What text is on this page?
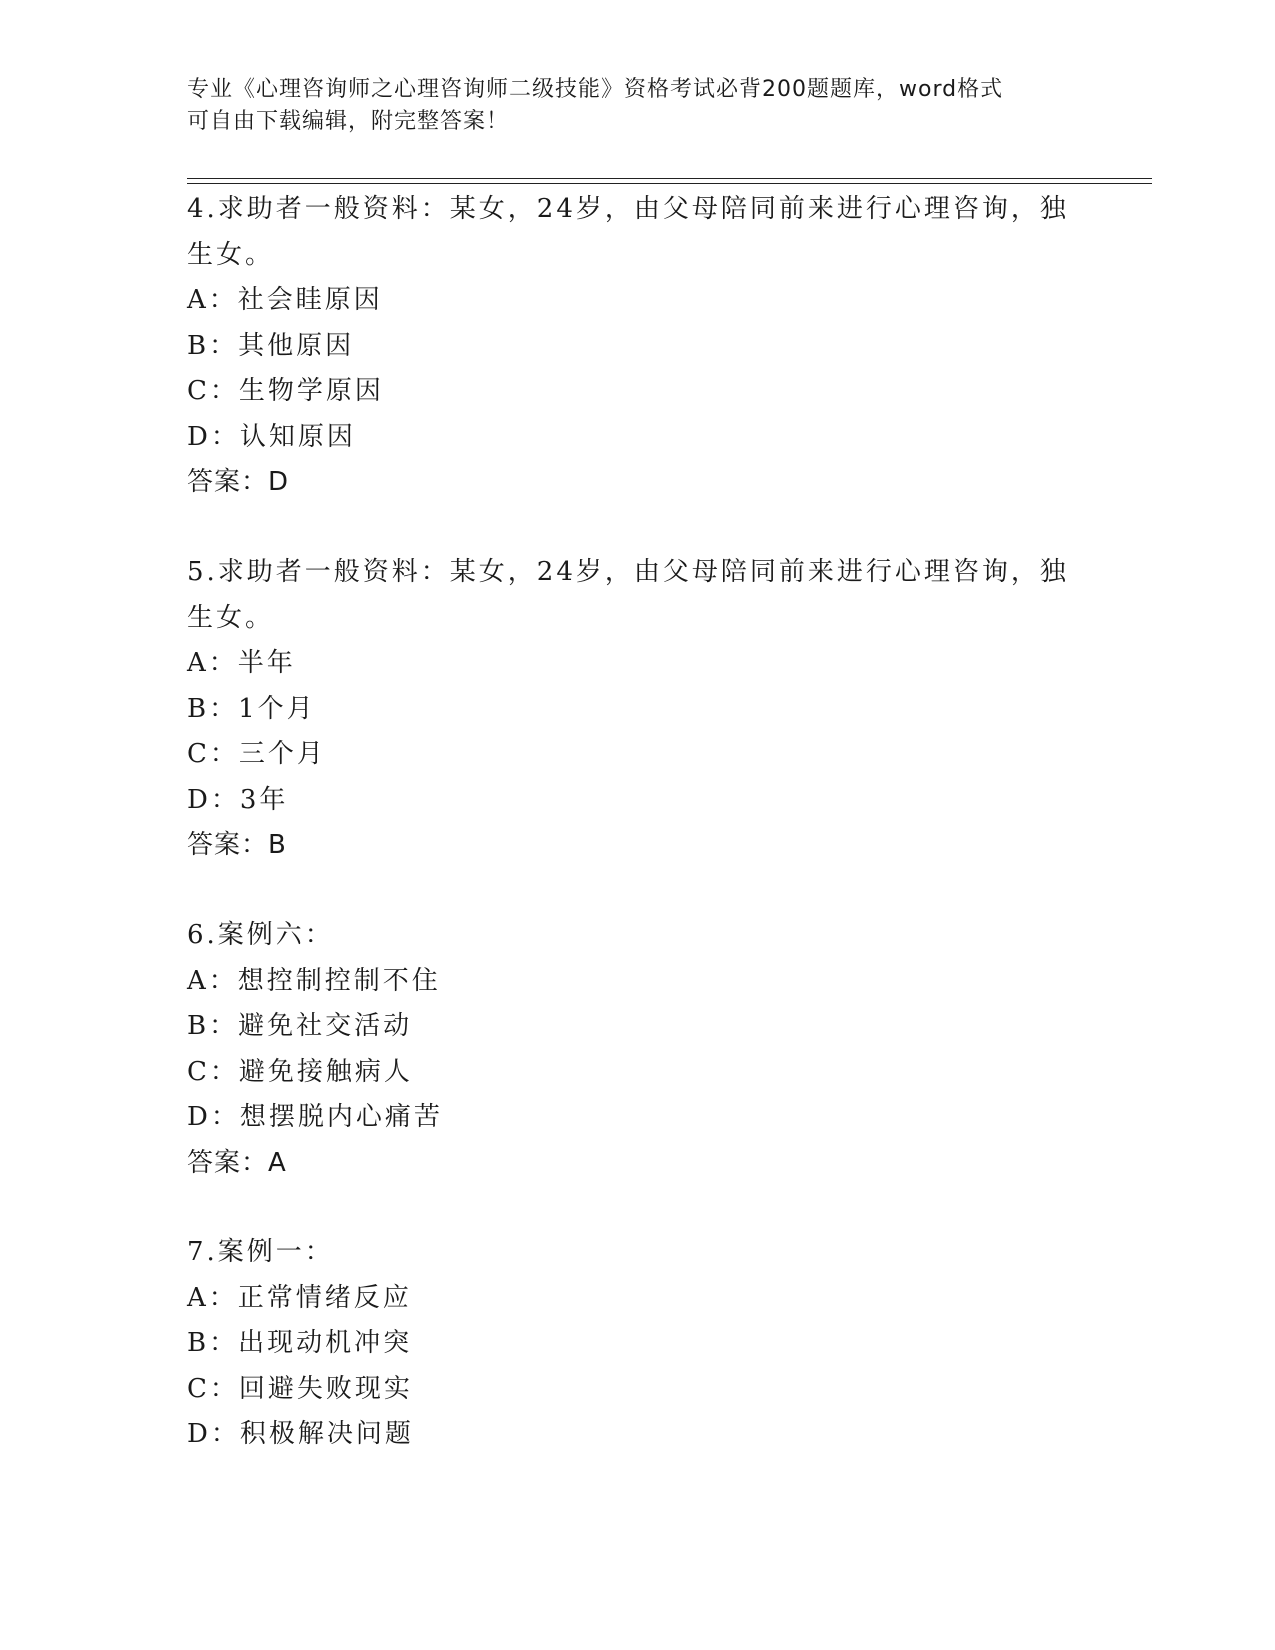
专业《心理咨询师之心理咨询师二级技能》资格考试必背200题题库，word格式
可自由下载编辑，附完整答案！
4.求助者一般资料：某女，24岁，由父母陪同前来进行心理咨询，独
生女。
A：社会眭原因
B：其他原因
C：生物学原因
D：认知原因
答案：D
5.求助者一般资料：某女，24岁，由父母陪同前来进行心理咨询，独
生女。
A：半年
B：1个月
C：三个月
D：3年
答案：B
6.案例六：
A：想控制控制不住
B：避免社交活动
C：避免接触病人
D：想摆脱内心痛苦
答案：A
7.案例一：
A：正常情绪反应
B：出现动机冲突
C：回避失败现实
D：积极解决问题
